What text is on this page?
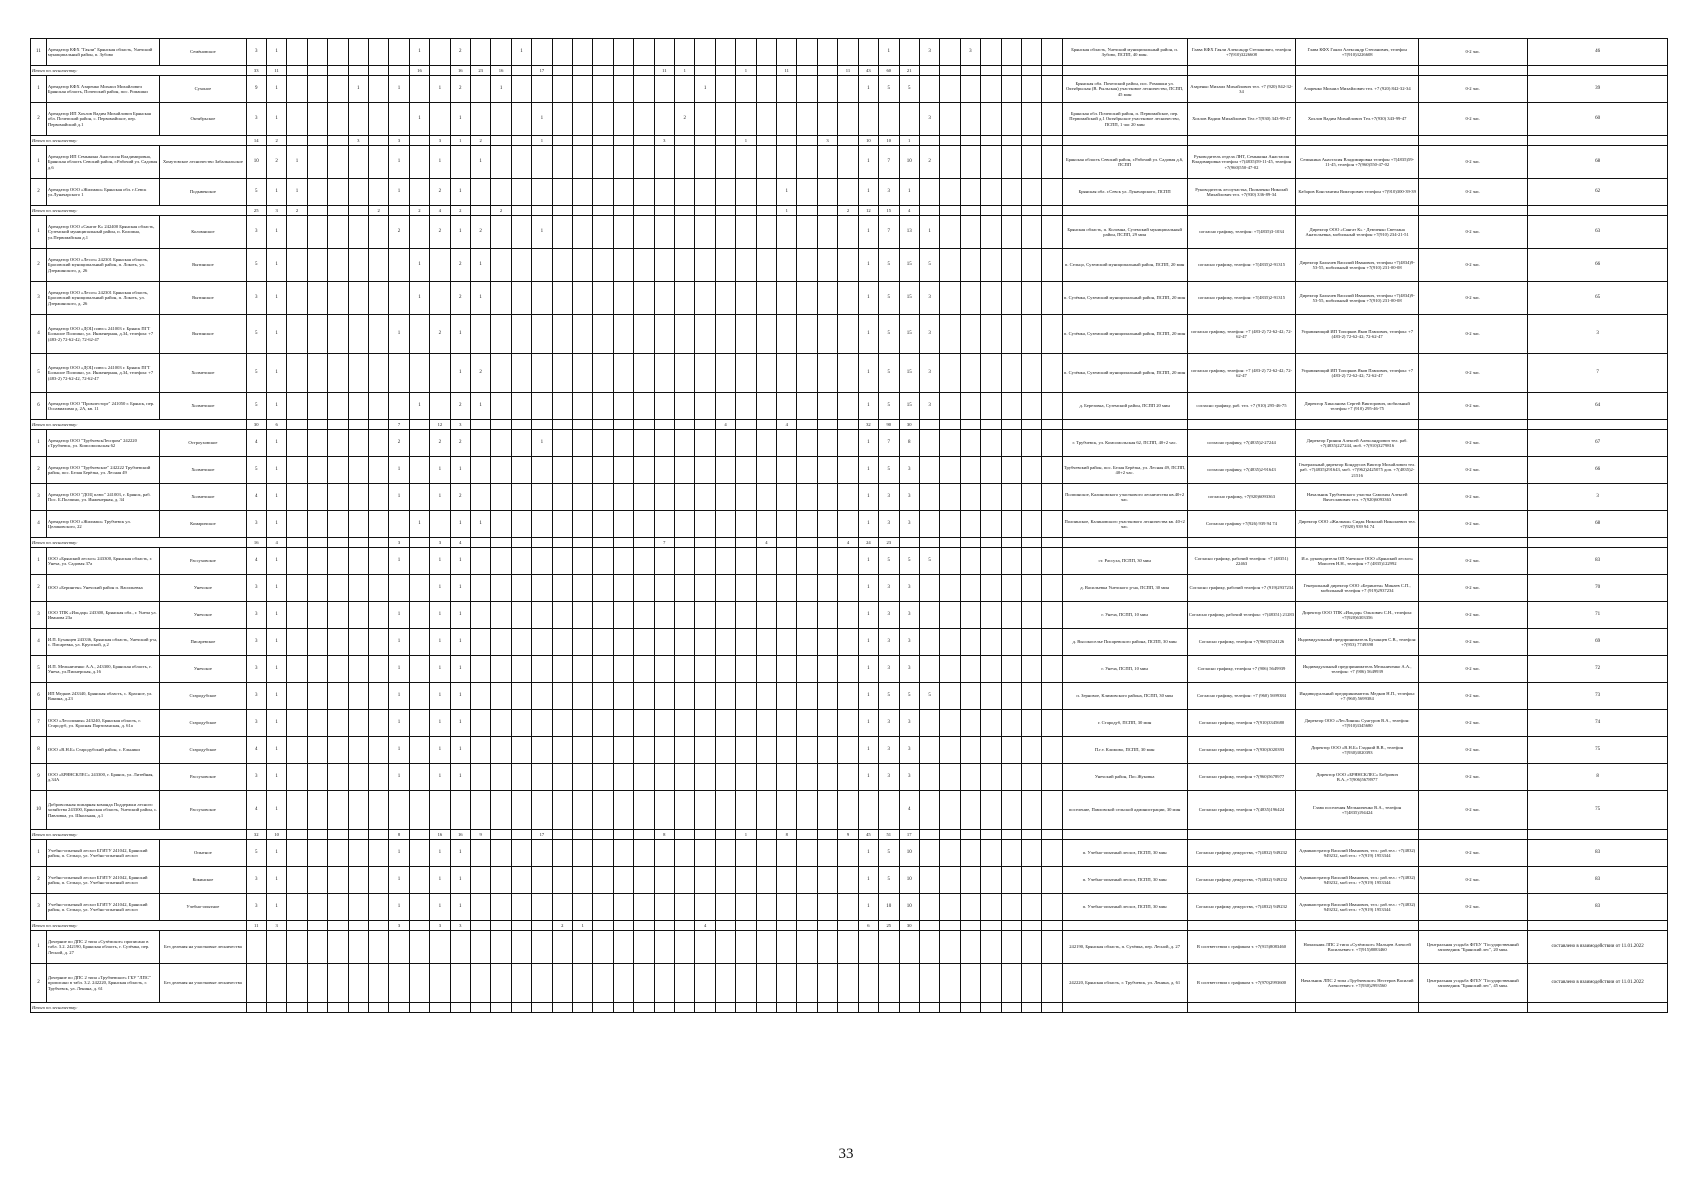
11	Арендатор КФХ "Гаяли" Брянская область, Унечский муниципальный район, п. Зубово	Семёновское	3	1							1		2			1																		1		3		3					Брянская область, Унечский муниципальный район, п. Зубово, ПСПП, 40 мин.	Глава КФХ Гаяли Александр Степанович, телефон +7(910)3226608	Глава КФХ Гаяли Александр Степанович, телефон +7(910)3226608	0-2 час.	46
Итого по лесничеству:			33	11							16		16	23	16		17						11	1			1		11			11	43	60	21												
1	Арендатор КФХ Азаренко Михаил Михайлович Брянская область, Почепский район, пос. Ромашки	Сухоное	9	1				1		1		1	2		1										1								1	5	5								Брянская обл. Почепский район, пос. Ромашки ул. Октябрьская (В. Рыльская) участковое лесничество, ПСПП, 45 мин	Азаренко Михаил Михайлович тел. +7 (920) 842-32-34	Азаренко Михаил Михайлович тел. +7 (920) 842-32-34	0-2 час.	39
2	Арендатор ИП Хохлов Вадим Михайлович Брянская обл. Почепский район, с. Первомайское, пер. Первомайский д.1	Октябрьское	3	1							1		1				1							2												3							Брянская обл. Почепский район, п. Первомайское, пер. Первомайский д.1 Октябрьское участковое лесничество, ПСПП, 1 час 20 мин	Хохлов Вадим Михайлович Тел.+7(930) 343-99-47	Хохлов Вадим Михайлович Тел.+7(930) 343-99-47	0-2 час.	60
Итого по лесничеству:			14	2				3		3		3	1	2			1						3				1				3		10	10	1												
1	Арендатор ИП Семыкина Анастасия Владимировна, Брянская область Севский район, г.Рабочий ул. Садовая д.6	Хомутовское лесничество Забалкальское	10	2	1					1		1		1																			1	7	10	2							Брянская область Севский район, г.Рабочий ул. Садовая д.6, ПСПП	Руководитель отдела ЛНТ, Семыкина Анастасия Владимировна телефон +7(4835)59-11-45, телефон +7(960)550-47-02	Семыкина Анастасия Владимировна телефон +7(4835)59-11-45, телефон +7(960)550-47-02	0-2 час.	68
2	Арендатор ООО «Жилмаш» Брянская обл. г.Севск ул.Луначарского 1	Подывенское	5	1	1					1		2	1																1				1	3	1								Брянская обл. г.Севск ул. Луначарского, ПСПП	Руководитель лесоучастка, Пильченко Николай Михайлович тел. +7(930) 336-89-34	Кабаров Константин Викторович телефон +7(910)300-39-39	0-2 час.	62
Итого по лесничеству:			25	3	2				2		2	4	2		2														1			2	12	15	4												
1	Арендатор ООО «Сангат К» 242400 Брянская область, Суземский муниципальный район, п. Коломна, ул.Первомайская д.1	Коломнское	3	1						2		2	1	2			1																1	7	13	1							Брянская область, п. Коломна, Суземский муниципальный район, ПСПП, 29 мин	согласно графику, телефон: +7(4835)3-1034	Директор ООО «Сангат К» - Демченко Светлана Анатольевна, мобильный телефон +7(910) 234-21-51	0-2 час.	63
2	Арендатор ООО «Лесоз» 242301 Брянская область, Брасовский муниципальный район, п. Локоть, ул. Дзержинского, д. 26	Вытинское	5	1							1		2	1																			1	5	15	5							п. Сельцо, Суземский муниципальный район, ПСПП, 20 мин	согласно графику, телефон: +7(4835)2-91315	Директор Балычев Василий Иванович, телефон +7(4834)9-53-55, мобильный телефон +7(910) 231-00-08	0-2 час.	66
3	Арендатор ООО «Лесоз» 242301 Брянская область, Брасовский муниципальный район, п. Локоть, ул. Дзержинского, д. 26	Вытинское	3	1							1		2	1																			1	5	15	3							п. Сузёмка, Суземский муниципальный район, ПСПП, 20 мин	согласно графику, телефон: +7(4835)2-91315	Директор Балычев Василий Иванович, телефон +7(4834)9-53-55, мобильный телефон +7(910) 231-00-08	0-2 час.	65
4	Арендатор ООО «ДОЦ плюс» 241003 г. Брянск ПГТ Большое Полпино, ул. Инженерная, д.34, телефон: +7 (483-2) 72-62-42; 72-62-47	Вытинское	5	1						1		2	1																				1	5	15	3							п. Сузёмка, Суземский муниципальный район, ПСПП, 20 мин	согласно графику, телефон: +7 (483-2) 72-62-42; 72-62-47	Управляющий ИП Топорков Яков Павлович, телефон: +7 (483-2) 72-62-42; 72-62-47	0-2 час.	3
5	Арендатор ООО «ДОЦ плюс» 241003 г. Брянск ПГТ Большое Полпино, ул. Инженерная, д.34, телефон: +7 (483-2) 72-62-42, 72-62-47	Холмечское	5	1									1	2																			1	5	15	3							п. Сузёмка, Суземский муниципальный район, ПСПП, 20 мин	согласно графику, телефон: +7 (483-2) 72-62-42; 72-62-47	Управляющий ИП Топорков Яков Павлович, телефон: +7 (483-2) 72-62-42; 72-62-47	0-2 час.	7
6	Арендатор ООО "Промлесторг" 241050 г. Брянск, пер. Осоавиахима д. 2А, кв. 11	Холмечское	5	1							1		2	1																			1	5	15	3							д. Березовка, Суземский район, ПСПП 20 мин	согласно графику, раб. тел. +7 (910) 295-46-75	Директор Хинсанова Сергей Викторович, мобильный телефон +7 (910) 295-46-75	0-2 час.	64
Итого по лесничеству:			30	6						7		12	3													4			4				32	90	30												
1	Арендатор ООО "ТрубчевскЛеспром" 242220 г.Трубчевск, ул. Комсомольская 62	Остроуховское	4	1						2		2	2				1																1	7	8								г. Трубчевск, ул. Комсомольская 62, ПСПП, 40+2 час.	согласно графику, +7(4835)2-27244	Директор Гринин Алексей Александрович тел. раб. +7(4835)227244, моб. +7(910)3279816	0-2 час.	67
2	Арендатор ООО "Трубчевскле" 242222 Трубчевский район, пос. Белая Берёзка, ул. Лесная 49	Холмечское	5	1						1		1	1																				1	5	3								Трубчевский район, пос. Белая Берёзка, ул. Лесная 49, ПСПП, 40+2 час.	согласно графику, +7(4835)2-91643	Генеральный директор Кондрусов Виктор Михайлович тел. раб. +7(4835)291643, моб. +7(962)2425075 доп. +7(4835)2-21516	0-2 час.	66
3	Арендатор ООО "ДОЦ плюс" 241003, г. Брянск, раб. Пос. Б.Полпино, ул. Инженерная, д. 34	Холмечское	4	1						1		1	2																				1	3	3								Полпинское, Калиновского участкового лесничества кв.40+2 час.	согласно графику, +7(920)6093363	Начальник Трубчевского участка Самохин Алексей Вячеславович тел. +7(920)6093363	0-2 час.	3
4	Арендатор ООО «Жилмаш» Трубчевск ул. Целиковского, 22	Комаричское	3	1							1		1	1																			1	3	3								Полпинское, Калиновского участкового лесничества кв. 40+2 час.	Согласно графику +7(926) 939 94 74	Директор ООО «Жилмаш» Сидак Николай Николаевич тел. +7(920) 939 94 74	0-2 час.	68
Итого по лесничеству:			16	4						3		3	4										7					4				4	24	23													
1	ООО «Брянский лесхоз» 243300, Брянская область, г. Унеча, ул. Садовая 37а	Рассуховское	4	1						1		1	1																				1	5	5	5							ст. Рассуха, ПСПП, 30 мин	Согласно графику, рабочий телефон: +7 (48351) 22463	И.о. руководителя ОП Унечское ООО «Брянский лесхоз» Моисеев Н.Н., телефон +7 (4835)122992	0-2 час.	83
2	ООО «Беринген» Унечский район п. Васильевка	Унечское	3	1								1	1																				1	3	3								д. Васильевка Унечского р-на, ПСПП, 30 мин	Согласно графику, рабочий телефон +7 (919)2937234	Генеральный директор ООО «Беринген» Минаев С.П., мобильный телефон +7 (919)2937234	0-2 час.	70
3	ООО ТПК «Ильдар» 243300, Брянская обл., г. Унеча ул. Иванова 23а	Унечское	3	1						1		1	1																				1	3	3								г. Унеча, ПСПП, 10 мин	Согласно графику, рабочий телефон: +7(48351) 21283	Директор ООО ТПК «Ильдар» Ольхович С.Н., телефон: +7(920)6303356	0-2 час.	71
4	И.П. Буханцев 243336, Брянская область, Унечский р-н, с. Писаревка, ул. Крупской, д.2	Писаревское	3	1						1		1	1																				1	3	3								д. Высокоселье Писаревского района, ПСПП, 30 мин	Согласно графику, телефон +7(960)5524126	Индивидуальный предприниматель Буханцев С.В., телефон: +7(953) 7749398	0-2 час.	69
5	И.П. Мельниченко А.А., 243300, Брянская область, г. Унеча, ул.Пионерская, д.16	Унечское	3	1						1		1	1																				1	3	3								г. Унеча, ПСПП, 10 мин	Согласно графику, телефон +7 (906) 5649939	Индивидуальный предприниматель Мельниченко А.А., телефон: +7 (906) 5649939	0-2 час.	72
6	ИП Медков 243340, Брянская область, с. Красное, ул. Ванина, д.23	Стародубское	3	1						1		1	1																				1	5	5	5							п. Зерновое, Климовского района, ПСПП, 30 мин	Согласно графику, телефон: +7 (960) 5699384	Индивидуальный предприниматель Медков Н.П., телефон: +7 (960) 5699384	0-2 час.	73
7	ООО «Лесолиния» 243240, Брянская область, г. Стародуб, ул. Красная Партизанская, д. 61а	Стародубское	3	1						1		1	1																				1	3	3								г. Стародуб, ПСПП, 30 мин	Согласно графику, телефон +7(910)3345680	Директор ООО «ЛесЛиния» Сунгуров В.А., телефон: +7(910)3345680	0-2 час.	74
8	ООО «В.Н.Б» Стародубский район, с. Ельники	Стародубское	4	1						1		1	1																				1	3	3								П.г.т. Климово, ПСПП, 30 мин	Согласно графику, телефон +7(930)3020393	Директор ООО «В.Н.Б» Гладкий В.В., телефон +7(930)3020393	0-2 час.	75
9	ООО «БРЯНСКЛЕС» 243300, г. Брянск, ул. Литейная, д.34А	Рассуховское	3	1						1		1	1																				1	3	3								Унечский район, Пос.Жуковка	Согласно графику, телефон +7(960)5678977	Директор ООО «БРЯНСКЛЕС» Бобрович В.А.,+7(906)5678977	0-2 час.	8
10	Добровольная пожарная команда Поддержки лесного хозяйства 243300, Брянская область, Унечский район, с. Павловка, ул. Школьная, д.1	Рассуховское	4	1																															4								поселение, Павловской сельской администрации, 30 мин	Согласно графику, телефон +7(4835)196424	Глава поселения Мельниченко В.А., телефон +7(4835)194424	0-2 час.	75
Итого по лесничеству:			32	10						8		16	16	9			17						8				1		8			9	45	51	17												
1	Учебно-опытный лесхоз БГИТУ 241042, Брянский район, п. Сельцо, ул. Учебно-опытный лесхоз	Опытное	5	1						1		1	1																				1	5	10								п. Учебно-опытный лесхоз, ПСПП, 30 мин	Согласно графику дежурства, +7(4832) 949232	Администратор Василий Иванович, тел.: раб.тел.: +7(4832) 949232, моб.тел.: +7(919) 1953344	0-2 час.	83
2	Учебно-опытный лесхоз БГИТУ 241042, Брянский район, п. Сельцо, ул. Учебно-опытный лесхоз	Кокинское	3	1						1		1	1																				1	5	10								п. Учебно-опытный лесхоз, ПСПП, 30 мин	Согласно графику дежурства, +7(4832) 949232	Администратор Василий Иванович, тел.: раб.тел.: +7(4832) 949232, моб.тел.: +7(919) 1953344	0-2 час.	83
3	Учебно-опытный лесхоз БГИТУ 241042, Брянский район, п. Сельцо, ул. Учебно-опытный лесхоз	Учебно-опытное	3	1						1		1	1																				1	10	10								п. Учебно-опытный лесхоз, ПСПП, 30 мин	Согласно графику дежурства, +7(4832) 949232	Администратор Василий Иванович, тел.: раб.тел.: +7(4832) 949232, моб.тел.: +7(919) 1953344	0-2 час.	83
Итого по лесничеству:			11	3						3		3	3					2	1						4								6	25	30												
1	Дочерние по ДПС 2 типа «Сузёмское» прописано в табл. 3.2. 242190, Брянская область, г. Сузёмка, пер. Лесной, д. 27	Без деления на участковые лесничества																																									242190, Брянская область, п. Сузёмка, пер. Лесной, д. 27	В соответствии с графиком т. +7(915)8083460	Начальник ЛПС 2 типа «Сузёмское» Мальцев Алексей Васильевич т. +7(915)8083460	Центральная усадьба ФГБУ "Государственный заповедник "Брянский лес", 20 мин.	составлено в взаимодействии от 11.01.2022
2	Дочерние по ДПС 2 типа «Трубчевское» ГБУ "ЛПС" прописано в табл. 3.2. 242220, Брянская область, г. Трубчевск, ул. Ленина, д. 61	Без деления на участковые лесничества																																									242220, Брянская область, г. Трубчевск, ул. Ленина, д. 61	В соответствии с графиком т. +7(970)2993600	Начальник ЛПС 2 типа «Трубчевское» Нестеров Василий Алексеевич т. +7(930)2993560	Центральная усадьба ФГБУ "Государственный заповедник "Брянский лес", 45 мин.	составлено в взаимодействии от 11.01.2022
Итого по лесничеству:																																															
33
